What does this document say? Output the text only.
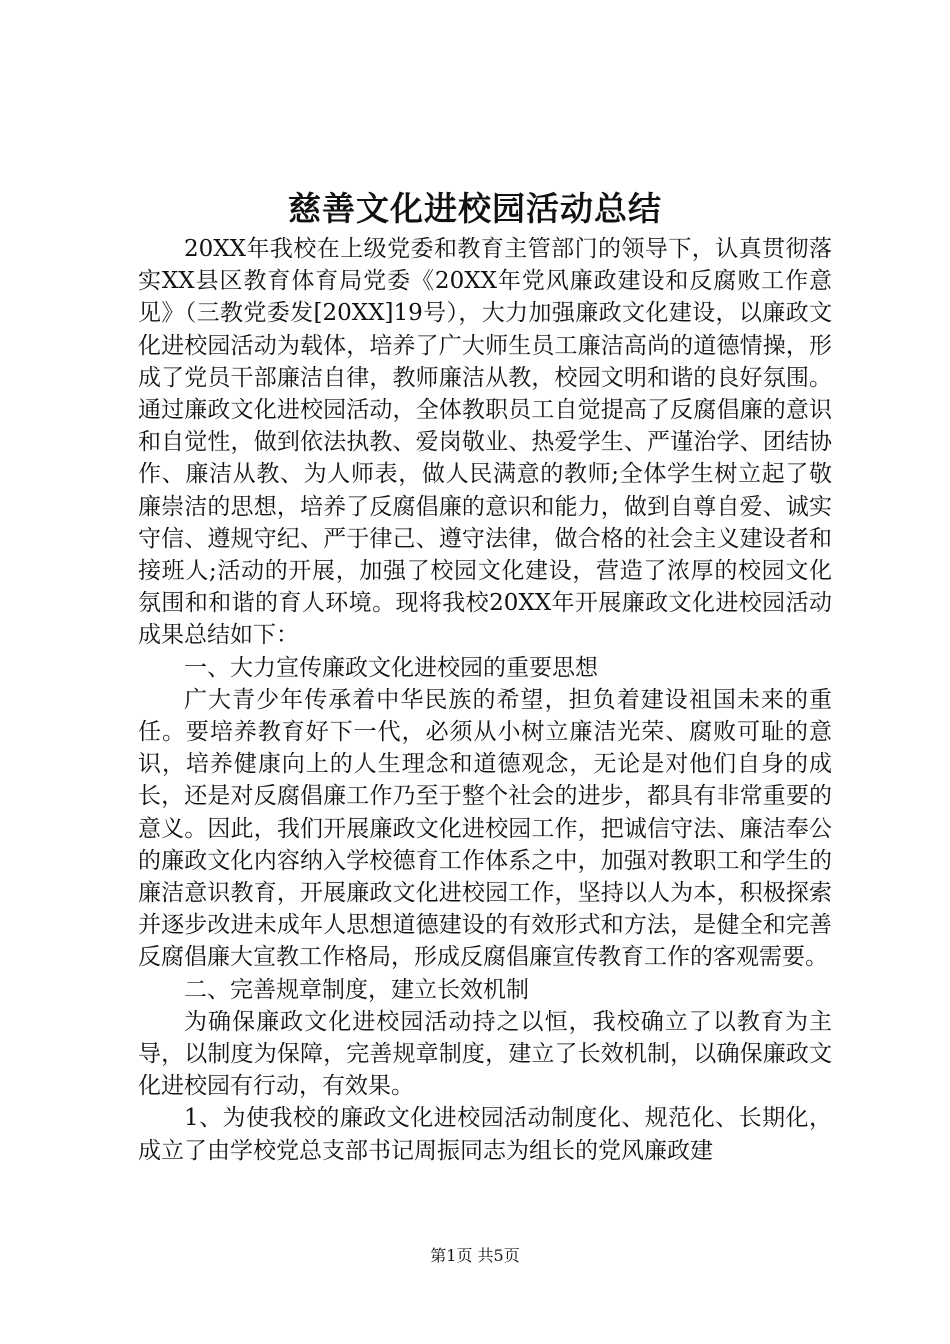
慈善文化进校园活动总结

20XX年我校在上级党委和教育主管部门的领导下，认真贯彻落实XX县区教育体育局党委《20XX年党风廉政建设和反腐败工作意见》（三教党委发[20XX]19号），大力加强廉政文化建设，以廉政文化进校园活动为载体，培养了广大师生员工廉洁高尚的道德情操，形成了党员干部廉洁自律，教师廉洁从教，校园文明和谐的良好氛围。通过廉政文化进校园活动，全体教职员工自觉提高了反腐倡廉的意识和自觉性，做到依法执教、爱岗敬业、热爱学生、严谨治学、团结协作、廉洁从教、为人师表，做人民满意的教师;全体学生树立起了敬廉崇洁的思想，培养了反腐倡廉的意识和能力，做到自尊自爱、诚实守信、遵规守纪、严于律己、遵守法律，做合格的社会主义建设者和接班人;活动的开展，加强了校园文化建设，营造了浓厚的校园文化氛围和和谐的育人环境。现将我校20XX年开展廉政文化进校园活动成果总结如下：

一、大力宣传廉政文化进校园的重要思想

广大青少年传承着中华民族的希望，担负着建设祖国未来的重任。要培养教育好下一代，必须从小树立廉洁光荣、腐败可耻的意识，培养健康向上的人生理念和道德观念，无论是对他们自身的成长，还是对反腐倡廉工作乃至于整个社会的进步，都具有非常重要的意义。因此，我们开展廉政文化进校园工作，把诚信守法、廉洁奉公的廉政文化内容纳入学校德育工作体系之中，加强对教职工和学生的廉洁意识教育，开展廉政文化进校园工作，坚持以人为本，积极探索并逐步改进未成年人思想道德建设的有效形式和方法，是健全和完善反腐倡廉大宣教工作格局，形成反腐倡廉宣传教育工作的客观需要。

二、完善规章制度，建立长效机制

为确保廉政文化进校园活动持之以恒，我校确立了以教育为主导，以制度为保障，完善规章制度，建立了长效机制，以确保廉政文化进校园有行动，有效果。

1、为使我校的廉政文化进校园活动制度化、规范化、长期化，成立了由学校党总支部书记周振同志为组长的党风廉政建

第1页 共5页
